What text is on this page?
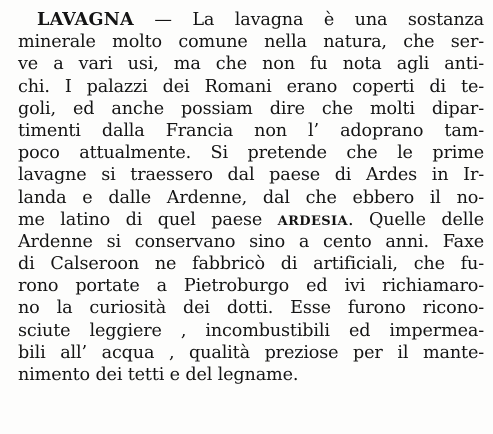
LAVAGNA — La lavagna è una sostanza
minerale molto comune nella natura, che ser-
ve a vari usi, ma che non fu nota agli anti-
chi. I palazzi dei Romani erano coperti di te-
goli, ed anche possiam dire che molti dipar-
timenti dalla Francia non l’ adoprano tam-
poco attualmente. Si pretende che le prime
lavagne si traessero dal paese di Ardes in Ir-
landa e dalle Ardenne, dal che ebbero il no-
me latino di quel paese ARDESIA. Quelle delle
Ardenne si conservano sino a cento anni. Faxe
di Calseroon ne fabbricò di artificiali, che fu-
rono portate a Pietroburgo ed ivi richiamaro-
no la curiosità dei dotti. Esse furono ricono-
sciute leggiere , incombustibili ed impermea-
bili all’ acqua , qualità preziose per il mante-
nimento dei tetti e del legname.
